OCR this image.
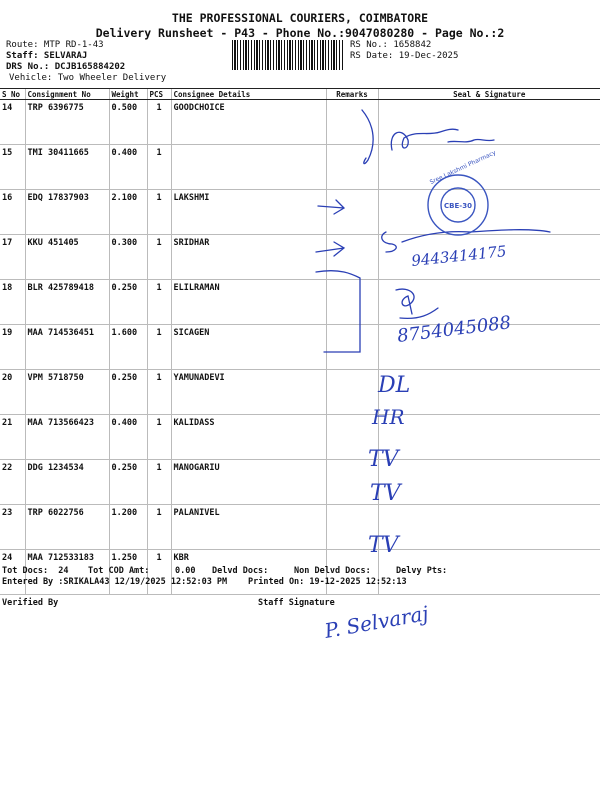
THE PROFESSIONAL COURIERS, COIMBATORE
Delivery Runsheet - P43 - Phone No.:9047080280 - Page No.:2
Route: MTP RD-1-43
Staff: SELVARAJ
DRS No.: DCJB165884202
Vehicle: Two Wheeler Delivery
RS No.: 1658842
RS Date: 19-Dec-2025
S No	Consignment No	Weight	PCS	Consignee Details	Remarks	Seal & Signature
14	TRP 6396775	0.500	1	GOODCHOICE		
15	TMI 30411665	0.400	1			
16	EDQ 17837903	2.100	1	LAKSHMI		
17	KKU 451405	0.300	1	SRIDHAR		
18	BLR 425789418	0.250	1	ELILRAMAN		
19	MAA 714536451	1.600	1	SICAGEN		
20	VPM 5718750	0.250	1	YAMUNADEVI		
21	MAA 713566423	0.400	1	KALIDASS		
22	DDG 1234534	0.250	1	MANOGARIU		
23	TRP 6022756	1.200	1	PALANIVEL		
24	MAA 712533183	1.250	1	KBR		
CBE-30
Sree Lakshmi Pharmacy
9443414175
8754045088
DL
HR
TV
TV
TV
P. Selvaraj
Tot Docs:  24 Tot COD Amt:     0.00 Delvd Docs:	Non Delvd Docs:	Delvy Pts:
Entered By :SRIKALA43 12/19/2025 12:52:03 PM Printed On: 19-12-2025 12:52:13
Verified By	Staff Signature
